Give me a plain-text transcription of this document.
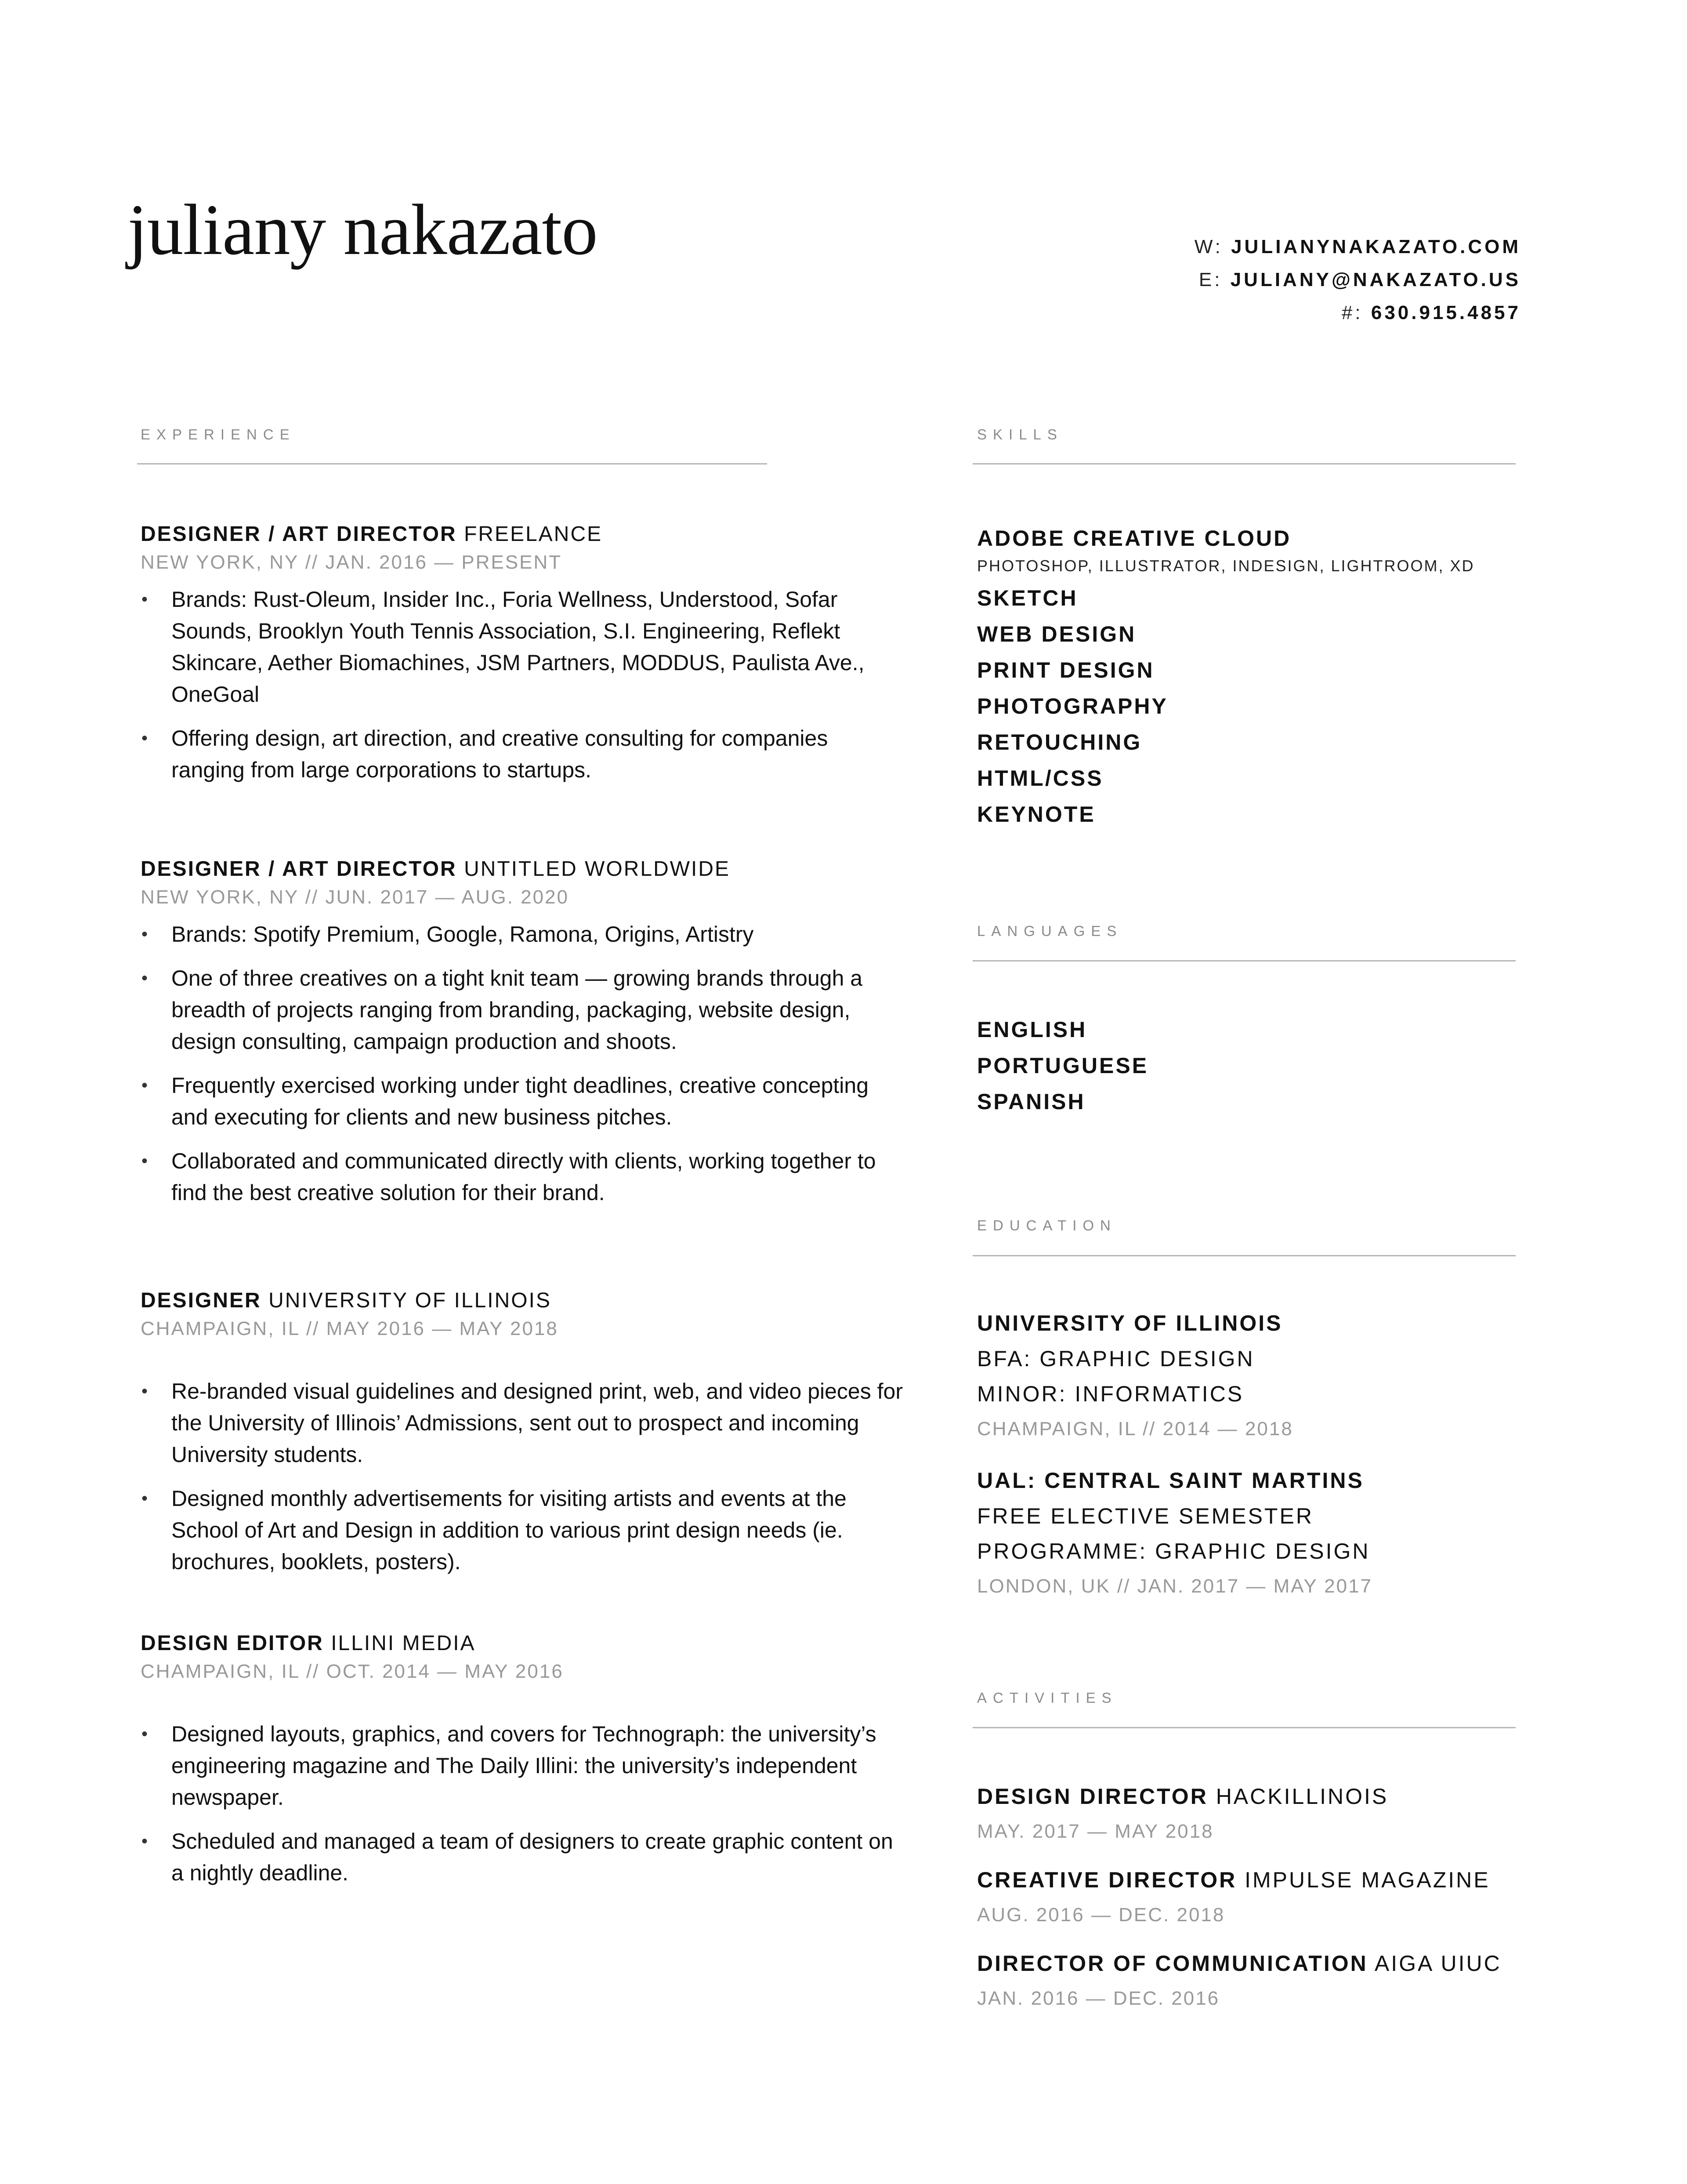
juliany nakazato	W: JULIANYNAKAZATO.COM
E: JULIANY@NAKAZATO.US
#: 630.915.4857
EXPERIENCE
DESIGNER / ART DIRECTOR FREELANCE
NEW YORK, NY // JAN. 2016 — PRESENT
• Brands: Rust-Oleum, Insider Inc., Foria Wellness, Understood, Sofar Sounds, Brooklyn Youth Tennis Association, S.I. Engineering, Reflekt Skincare, Aether Biomachines, JSM Partners, MODDUS, Paulista Ave., OneGoal
• Offering design, art direction, and creative consulting for companies ranging from large corporations to startups.
DESIGNER / ART DIRECTOR UNTITLED WORLDWIDE
NEW YORK, NY // JUN. 2017 — AUG. 2020
• Brands: Spotify Premium, Google, Ramona, Origins, Artistry
• One of three creatives on a tight knit team — growing brands through a breadth of projects ranging from branding, packaging, website design, design consulting, campaign production and shoots.
• Frequently exercised working under tight deadlines, creative concepting and executing for clients and new business pitches.
• Collaborated and communicated directly with clients, working together to find the best creative solution for their brand.
DESIGNER UNIVERSITY OF ILLINOIS
CHAMPAIGN, IL // MAY 2016 — MAY 2018
• Re-branded visual guidelines and designed print, web, and video pieces for the University of Illinois’ Admissions, sent out to prospect and incoming University students.
• Designed monthly advertisements for visiting artists and events at the School of Art and Design in addition to various print design needs (ie. brochures, booklets, posters).
DESIGN EDITOR ILLINI MEDIA
CHAMPAIGN, IL // OCT. 2014 — MAY 2016
• Designed layouts, graphics, and covers for Technograph: the university’s engineering magazine and The Daily Illini: the university’s independent newspaper.
• Scheduled and managed a team of designers to create graphic content on a nightly deadline.
SKILLS
ADOBE CREATIVE CLOUD
PHOTOSHOP, ILLUSTRATOR, INDESIGN, LIGHTROOM, XD
SKETCH
WEB DESIGN
PRINT DESIGN
PHOTOGRAPHY
RETOUCHING
HTML/CSS
KEYNOTE
LANGUAGES
ENGLISH
PORTUGUESE
SPANISH
EDUCATION
UNIVERSITY OF ILLINOIS
BFA: GRAPHIC DESIGN
MINOR: INFORMATICS
CHAMPAIGN, IL // 2014 — 2018
UAL: CENTRAL SAINT MARTINS
FREE ELECTIVE SEMESTER
PROGRAMME: GRAPHIC DESIGN
LONDON, UK // JAN. 2017 — MAY 2017
ACTIVITIES
DESIGN DIRECTOR HACKILLINOIS
MAY. 2017 — MAY 2018
CREATIVE DIRECTOR IMPULSE MAGAZINE
AUG. 2016 — DEC. 2018
DIRECTOR OF COMMUNICATION AIGA UIUC
JAN. 2016 — DEC. 2016
